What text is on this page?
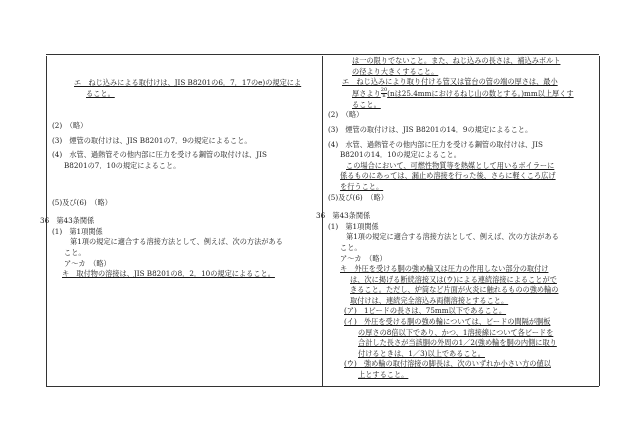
エ　ねじ込みによる取付けは、JIS B8201の6．7．17のe)の規定によ

ること。

(2)　（略）

(3)　煙管の取付けは、JIS B8201の7．9の規定によること。

(4)　水管、過熱管その他内部に圧力を受ける鋼管の取付けは、JIS

B8201の7．10の規定によること。

(5)及び(6)　（略）

36　第43条関係

(1)　第1項関係

第1項の規定に適合する溶接方法として、例えば、次の方法がある

こと。

ア～カ　（略）

キ　取付物の溶接は、JIS B8201の8．2．10の規定によること。

は一の限りでないこと。また、ねじ込みの長さは、補込みボルト

の径より大きくすること。

エ　ねじ込みにより取り付ける管又は管台の管の端の厚さは、最小

厚さより $\frac{20}{n} (n$は25.4mmにおけるねじ山の数とする。)mm以上厚くす

ること。

(2)　（略）

(3)　煙管の取付けは、JIS B8201の14．9の規定によること。

(4)　水管、過熱管その他内部に圧力を受ける鋼管の取付けは、JIS

B8201の14．10の規定によること。

この場合において、可燃性物質等を熱媒として用いるボイラーに

係るものにあっては、漏止め溶接を行った後、さらに軽くころ広げ

を行うこと。

(5)及び(6)　（略）

36　第43条関係

(1)　第1項関係

第1項の規定に適合する溶接方法として、例えば、次の方法がある

こと。

ア～カ　（略）

キ　外圧を受ける胴の強め輪又は圧力の作用しない部分の取付け

は、次に掲げる断続溶接又は(ウ)による連続溶接によることがで

きること。ただし、炉筒など片面が火炎に触れるものの強め輪の

取付けは、連続完全溶込み両側溶接とすること。

(ア)　1ビードの長さは、75mm以下であること。

(イ)　外圧を受ける胴の強め輪については、ビードの間隔が胴板

の厚さの8倍以下であり、かつ、1溶接線について各ビードを

合計した長さが当該胴の外周の1／2(強め輪を胴の内側に取り

付けるときは、1／3)以上であること。

(ウ)　強め輪の取付溶接の脚長は、次のいずれか小さい方の値以

上とすること。
